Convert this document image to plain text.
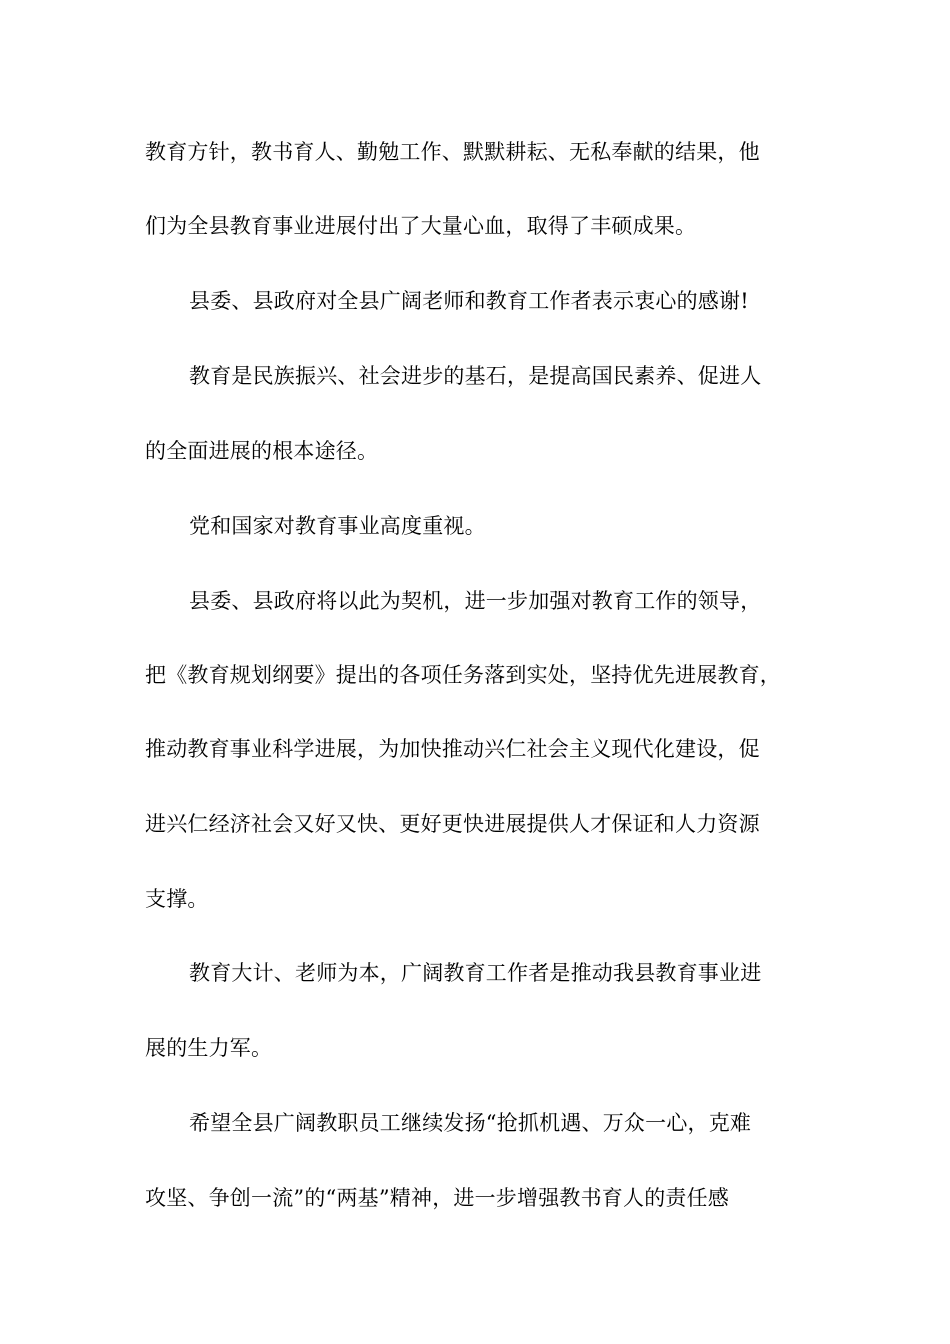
教育方针，教书育人、勤勉工作、默默耕耘、无私奉献的结果，他
们为全县教育事业进展付出了大量心血，取得了丰硕成果。
县委、县政府对全县广阔老师和教育工作者表示衷心的感谢!
教育是民族振兴、社会进步的基石，是提高国民素养、促进人
的全面进展的根本途径。
党和国家对教育事业高度重视。
县委、县政府将以此为契机，进一步加强对教育工作的领导，
把《教育规划纲要》提出的各项任务落到实处，坚持优先进展教育，
推动教育事业科学进展，为加快推动兴仁社会主义现代化建设，促
进兴仁经济社会又好又快、更好更快进展提供人才保证和人力资源
支撑。
教育大计、老师为本，广阔教育工作者是推动我县教育事业进
展的生力军。
希望全县广阔教职员工继续发扬“抢抓机遇、万众一心，克难
攻坚、争创一流”的“两基”精神，进一步增强教书育人的责任感
